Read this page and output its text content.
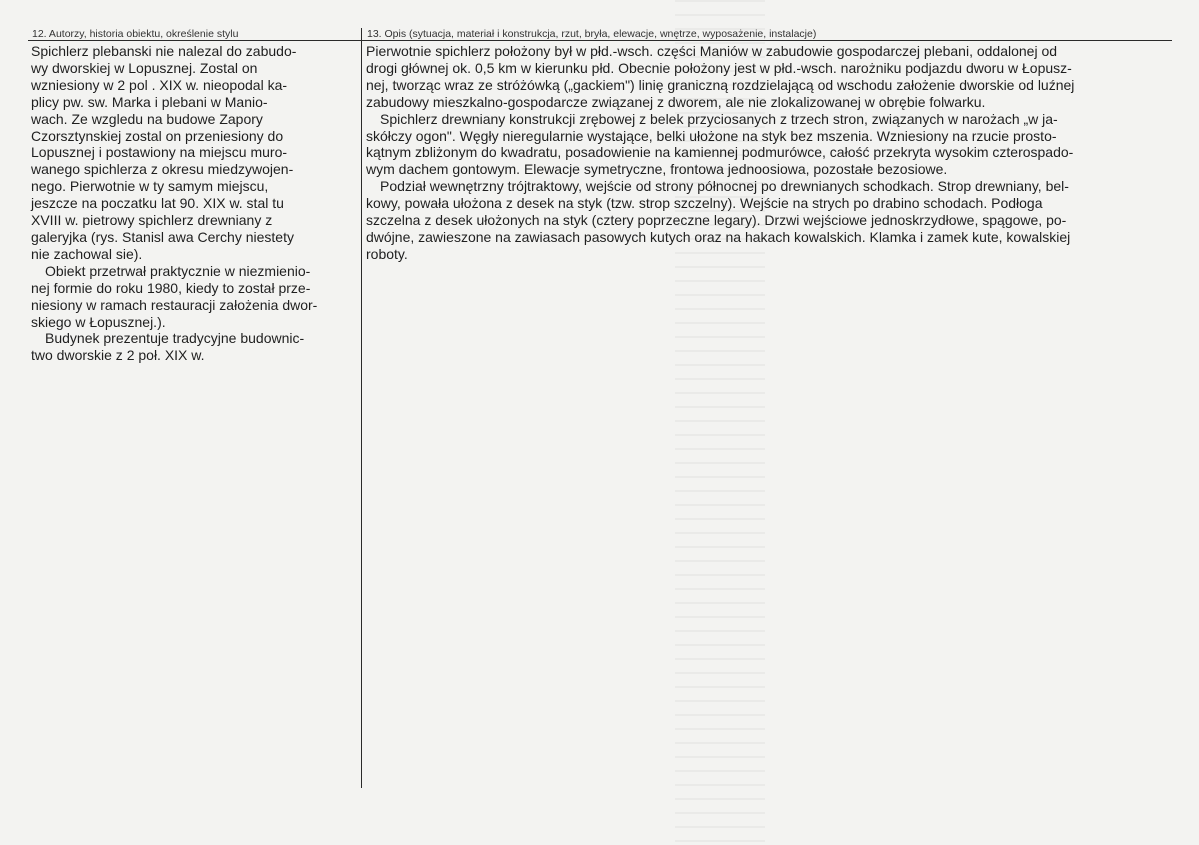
12. Autorzy, historia obiektu, określenie stylu	13. Opis (sytuacja, materiał i konstrukcja, rzut, bryła, elewacje, wnętrze, wyposażenie, instalacje)
Spichlerz plebanski nie nalezal do zabudo-
wy dworskiej w Lopusznej. Zostal on
wzniesiony w 2 pol . XIX w. nieopodal ka-
plicy pw. sw. Marka i plebani w Manio-
wach. Ze wzgledu na budowe Zapory
Czorsztynskiej zostal on przeniesiony do
Lopusznej i postawiony na miejscu muro-
wanego spichlerza z okresu miedzywojen-
nego. Pierwotnie w ty samym miejscu,
jeszcze na poczatku lat 90. XIX w. stal tu
XVIII w. pietrowy spichlerz drewniany z
galeryjka (rys. Stanisl awa Cerchy niestety
nie zachowal sie).
Obiekt przetrwał praktycznie w niezmienio-
nej formie do roku 1980, kiedy to został prze-
niesiony w ramach restauracji założenia dwor-
skiego w Łopusznej.).
Budynek prezentuje tradycyjne budownic-
two dworskie z 2 poł. XIX w.
Pierwotnie spichlerz położony był w płd.-wsch. części Maniów w zabudowie gospodarczej plebani, oddalonej od
drogi głównej ok. 0,5 km w kierunku płd. Obecnie położony jest w płd.-wsch. narożniku podjazdu dworu w Łopusz-
nej, tworząc wraz ze stróżówką („gackiem") linię graniczną rozdzielającą od wschodu założenie dworskie od luźnej
zabudowy mieszkalno-gospodarcze związanej z dworem, ale nie zlokalizowanej w obrębie folwarku.
Spichlerz drewniany konstrukcji zrębowej z belek przyciosanych z trzech stron, związanych w narożach „w ja-
skółczy ogon". Węgły nieregularnie wystające, belki ułożone na styk bez mszenia. Wzniesiony na rzucie prosto-
kątnym zbliżonym do kwadratu, posadowienie na kamiennej podmurówce, całość przekryta wysokim czterospado-
wym dachem gontowym. Elewacje symetryczne, frontowa jednoosiowa, pozostałe bezosiowe.
Podział wewnętrzny trójtraktowy, wejście od strony północnej po drewnianych schodkach. Strop drewniany, bel-
kowy, powała ułożona z desek na styk (tzw. strop szczelny). Wejście na strych po drabino schodach. Podłoga
szczelna z desek ułożonych na styk (cztery poprzeczne legary). Drzwi wejściowe jednoskrzydłowe, spągowe, po-
dwójne, zawieszone na zawiasach pasowych kutych oraz na hakach kowalskich. Klamka i zamek kute, kowalskiej
roboty.
